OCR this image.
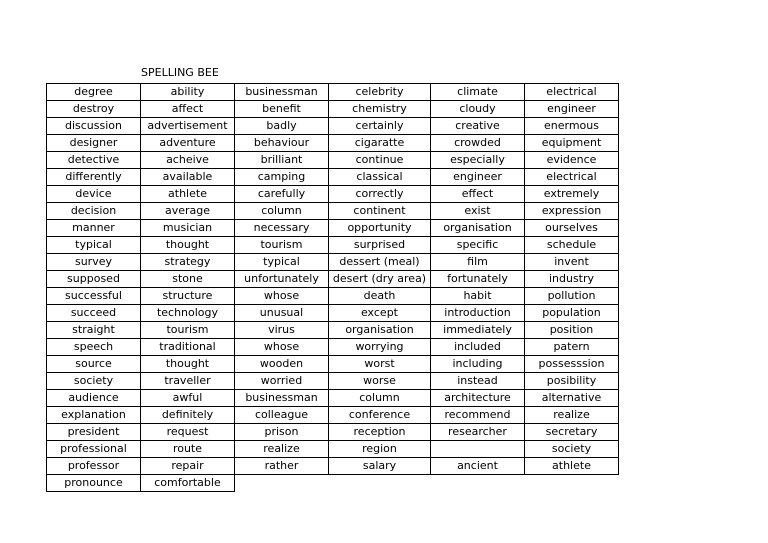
SPELLING BEE
degree	ability	businessman	celebrity	climate	electrical
destroy	affect	benefit	chemistry	cloudy	engineer
discussion	advertisement	badly	certainly	creative	enermous
designer	adventure	behaviour	cigaratte	crowded	equipment
detective	acheive	brilliant	continue	especially	evidence
differently	available	camping	classical	engineer	electrical
device	athlete	carefully	correctly	effect	extremely
decision	average	column	continent	exist	expression
manner	musician	necessary	opportunity	organisation	ourselves
typical	thought	tourism	surprised	specific	schedule
survey	strategy	typical	dessert (meal)	film	invent
supposed	stone	unfortunately	desert (dry area)	fortunately	industry
successful	structure	whose	death	habit	pollution
succeed	technology	unusual	except	introduction	population
straight	tourism	virus	organisation	immediately	position
speech	traditional	whose	worrying	included	patern
source	thought	wooden	worst	including	possesssion
society	traveller	worried	worse	instead	posibility
audience	awful	businessman	column	architecture	alternative
explanation	definitely	colleague	conference	recommend	realize
president	request	prison	reception	researcher	secretary
professional	route	realize	region		society
professor	repair	rather	salary	ancient	athlete
pronounce	comfortable				
